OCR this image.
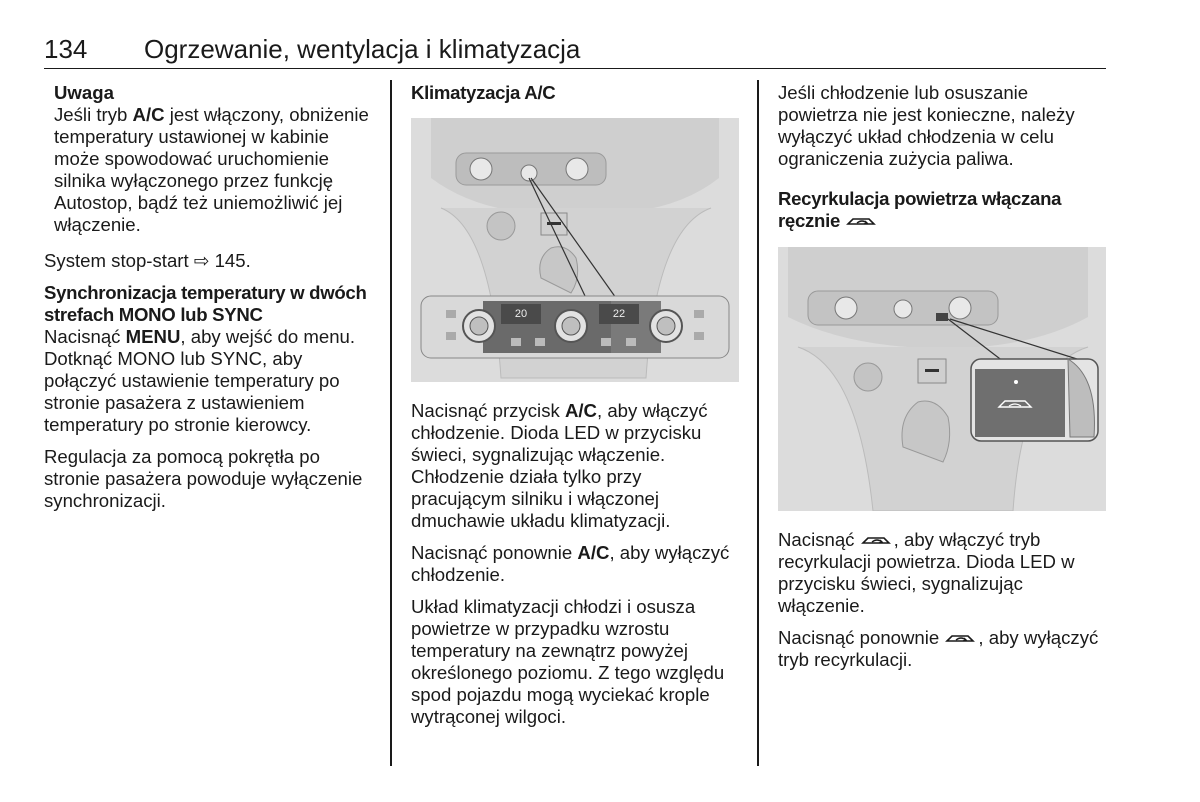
134 Ogrzewanie, wentylacja i klimatyzacja
Uwaga
Jeśli tryb A/C jest włączony, obniżenie temperatury ustawionej w kabinie może spowodować uruchomienie silnika wyłączonego przez funkcję Autostop, bądź też uniemożliwić jej włączenie.

System stop-start ⇨ 145.

Synchronizacja temperatury w dwóch strefach MONO lub SYNC

Nacisnąć MENU, aby wejść do menu. Dotknąć MONO lub SYNC, aby połączyć ustawienie temperatury po stronie pasażera z ustawieniem temperatury po stronie kierowcy.

Regulacja za pomocą pokrętła po stronie pasażera powoduje wyłączenie synchronizacji.

Klimatyzacja A/C

20	22

Nacisnąć przycisk A/C, aby włączyć chłodzenie. Dioda LED w przycisku świeci, sygnalizując włączenie. Chłodzenie działa tylko przy pracującym silniku i włączonej dmuchawie układu klimatyzacji.

Nacisnąć ponownie A/C, aby wyłączyć chłodzenie.

Układ klimatyzacji chłodzi i osusza powietrze w przypadku wzrostu temperatury na zewnątrz powyżej określonego poziomu. Z tego względu spod pojazdu mogą wyciekać krople wytrąconej wilgoci.

Jeśli chłodzenie lub osuszanie powietrza nie jest konieczne, należy wyłączyć układ chłodzenia w celu ograniczenia zużycia paliwa.

Recyrkulacja powietrza włączana ręcznie

Nacisnąć , aby włączyć tryb recyrkulacji powietrza. Dioda LED w przycisku świeci, sygnalizując włączenie.

Nacisnąć ponownie , aby wyłączyć tryb recyrkulacji.
